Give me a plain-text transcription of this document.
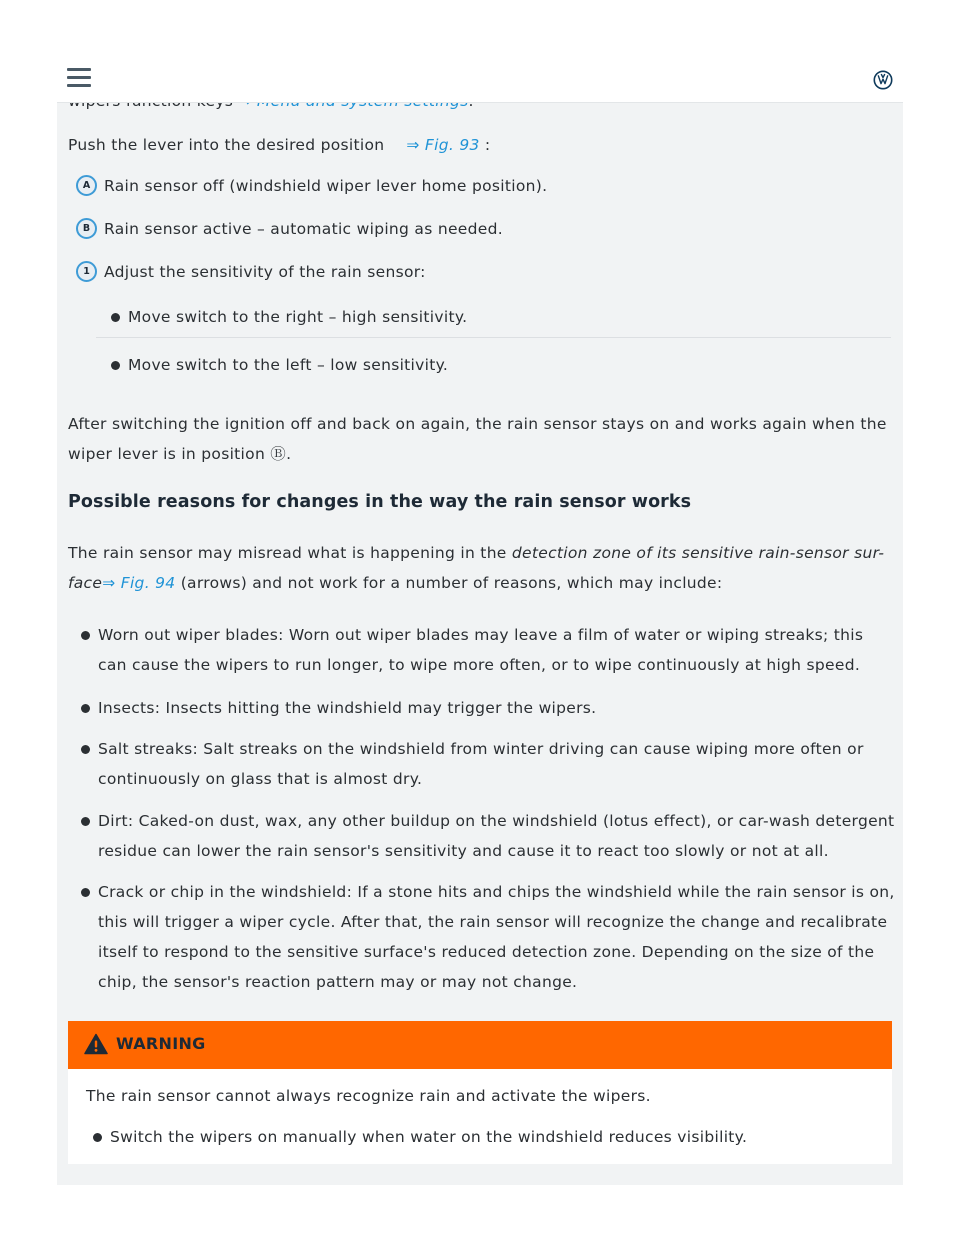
Push the lever into the desired position ⇒ Fig. 93 :
A Rain sensor off (windshield wiper lever home position).
B Rain sensor active – automatic wiping as needed.
1 Adjust the sensitivity of the rain sensor:
Move switch to the right – high sensitivity.
Move switch to the left – low sensitivity.
After switching the ignition off and back on again, the rain sensor stays on and works again when the
wiper lever is in position Ⓑ.
Possible reasons for changes in the way the rain sensor works
The rain sensor may misread what is happening in the detection zone of its sensitive rain-sensor sur-
face⇒ Fig. 94 (arrows) and not work for a number of reasons, which may include:
Worn out wiper blades: Worn out wiper blades may leave a film of water or wiping streaks; this
can cause the wipers to run longer, to wipe more often, or to wipe continuously at high speed.
Insects: Insects hitting the windshield may trigger the wipers.
Salt streaks: Salt streaks on the windshield from winter driving can cause wiping more often or
continuously on glass that is almost dry.
Dirt: Caked-on dust, wax, any other buildup on the windshield (lotus effect), or car-wash detergent
residue can lower the rain sensor's sensitivity and cause it to react too slowly or not at all.
Crack or chip in the windshield: If a stone hits and chips the windshield while the rain sensor is on,
this will trigger a wiper cycle. After that, the rain sensor will recognize the change and recalibrate
itself to respond to the sensitive surface's reduced detection zone. Depending on the size of the
chip, the sensor's reaction pattern may or may not change.
WARNING
The rain sensor cannot always recognize rain and activate the wipers.
Switch the wipers on manually when water on the windshield reduces visibility.
